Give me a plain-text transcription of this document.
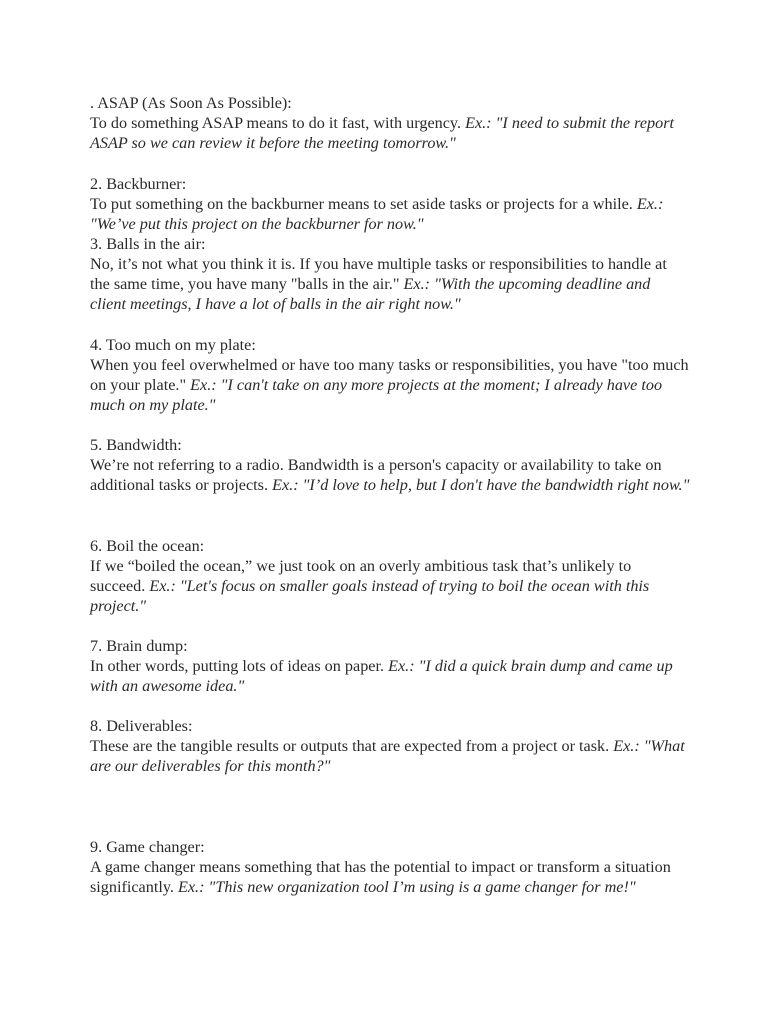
. ASAP (As Soon As Possible):
To do something ASAP means to do it fast, with urgency. Ex.: "I need to submit the report ASAP so we can review it before the meeting tomorrow."

2. Backburner:
To put something on the backburner means to set aside tasks or projects for a while. Ex.: "We’ve put this project on the backburner for now."

3. Balls in the air:
No, it’s not what you think it is. If you have multiple tasks or responsibilities to handle at the same time, you have many "balls in the air." Ex.: "With the upcoming deadline and client meetings, I have a lot of balls in the air right now."

4. Too much on my plate:
When you feel overwhelmed or have too many tasks or responsibilities, you have "too much on your plate." Ex.: "I can't take on any more projects at the moment; I already have too much on my plate."

5. Bandwidth:
We’re not referring to a radio. Bandwidth is a person's capacity or availability to take on additional tasks or projects. Ex.: "I’d love to help, but I don't have the bandwidth right now."

6. Boil the ocean:
If we “boiled the ocean,” we just took on an overly ambitious task that’s unlikely to succeed. Ex.: "Let's focus on smaller goals instead of trying to boil the ocean with this project."

7. Brain dump:
In other words, putting lots of ideas on paper. Ex.: "I did a quick brain dump and came up with an awesome idea."

8. Deliverables:
These are the tangible results or outputs that are expected from a project or task. Ex.: "What are our deliverables for this month?"

9. Game changer:
A game changer means something that has the potential to impact or transform a situation significantly. Ex.: "This new organization tool I’m using is a game changer for me!"
